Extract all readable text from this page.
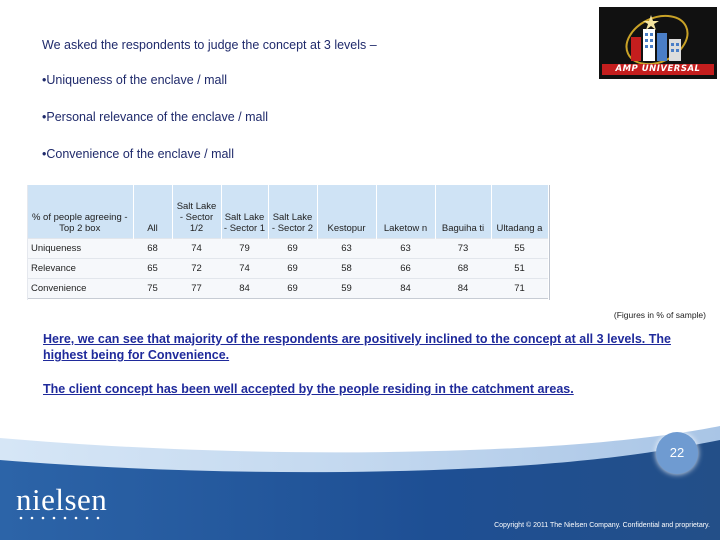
We asked the respondents to judge the concept at 3 levels –

•Uniqueness of the enclave / mall

•Personal relevance of the enclave / mall

•Convenience of the enclave / mall

AMP UNIVERSAL
% of people agreeing - Top 2 box	All	Salt Lake - Sector 1/2	Salt Lake - Sector 1	Salt Lake - Sector 2	Kestopur	Laketow n	Baguiha ti	Ultadang a
Uniqueness	68	74	79	69	63	63	73	55
Relevance	65	72	74	69	58	66	68	51
Convenience	75	77	84	69	59	84	84	71
(Figures in % of sample)

Here, we can see that majority of the respondents are positively inclined to the concept at all 3 levels. The highest being for Convenience.

The client concept has been well accepted by the people residing in the catchment areas.

22
nielsen
Copyright © 2011 The Nielsen Company. Confidential and proprietary.
